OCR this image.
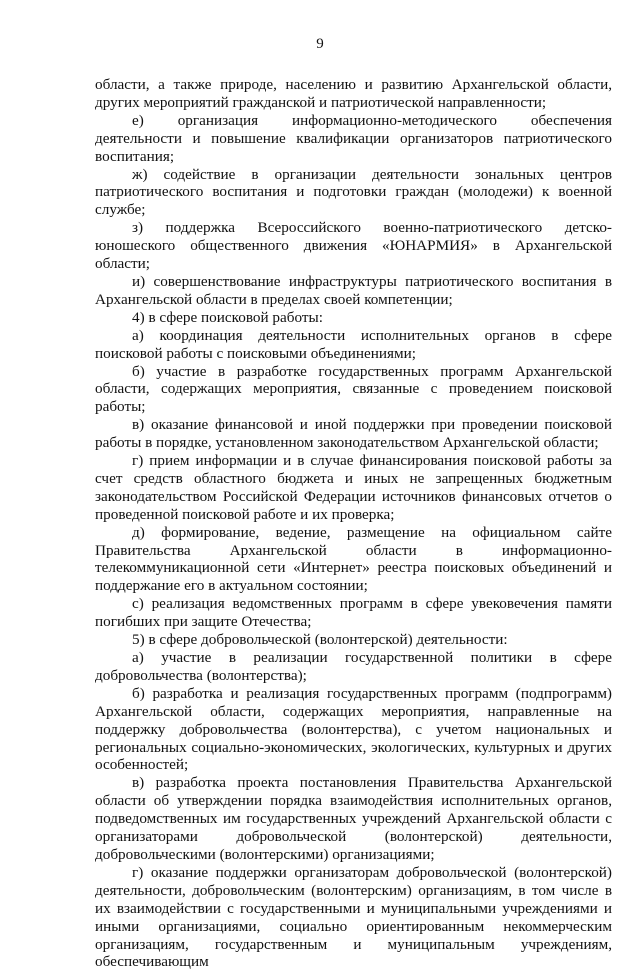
9

области, а также природе, населению и развитию Архангельской области, других мероприятий гражданской и патриотической направленности;

е) организация информационно-методического обеспечения деятельности и повышение квалификации организаторов патриотического воспитания;

ж) содействие в организации деятельности зональных центров патриотического воспитания и подготовки граждан (молодежи) к военной службе;

з) поддержка Всероссийского военно-патриотического детско-юношеского общественного движения «ЮНАРМИЯ» в Архангельской области;

и) совершенствование инфраструктуры патриотического воспитания в Архангельской области в пределах своей компетенции;

4) в сфере поисковой работы:

а) координация деятельности исполнительных органов в сфере поисковой работы с поисковыми объединениями;

б) участие в разработке государственных программ Архангельской области, содержащих мероприятия, связанные с проведением поисковой работы;

в) оказание финансовой и иной поддержки при проведении поисковой работы в порядке, установленном законодательством Архангельской области;

г) прием информации и в случае финансирования поисковой работы за счет средств областного бюджета и иных не запрещенных бюджетным законодательством Российской Федерации источников финансовых отчетов о проведенной поисковой работе и их проверка;

д) формирование, ведение, размещение на официальном сайте Правительства Архангельской области в информационно-телекоммуникационной сети «Интернет» реестра поисковых объединений и поддержание его в актуальном состоянии;

с) реализация ведомственных программ в сфере увековечения памяти погибших при защите Отечества;

5) в сфере добровольческой (волонтерской) деятельности:

а) участие в реализации государственной политики в сфере добровольчества (волонтерства);

б) разработка и реализация государственных программ (подпрограмм) Архангельской области, содержащих мероприятия, направленные на поддержку добровольчества (волонтерства), с учетом национальных и региональных социально-экономических, экологических, культурных и других особенностей;

в) разработка проекта постановления Правительства Архангельской области об утверждении порядка взаимодействия исполнительных органов, подведомственных им государственных учреждений Архангельской области с организаторами добровольческой (волонтерской) деятельности, добровольческими (волонтерскими) организациями;

г) оказание поддержки организаторам добровольческой (волонтерской) деятельности, добровольческим (волонтерским) организациям, в том числе в их взаимодействии с государственными и муниципальными учреждениями и иными организациями, социально ориентированным некоммерческим организациям, государственным и муниципальным учреждениям, обеспечивающим
